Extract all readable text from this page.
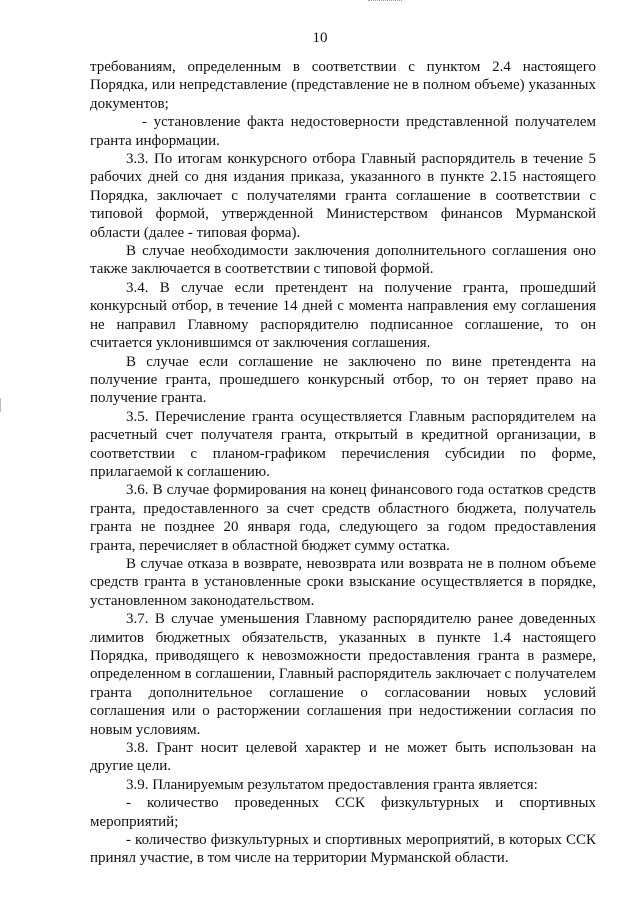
10

требованиям, определенным в соответствии с пунктом 2.4 настоящего Порядка, или непредставление (представление не в полном объеме) указанных документов;

- установление факта недостоверности представленной получателем гранта информации.

3.3. По итогам конкурсного отбора Главный распорядитель в течение 5 рабочих дней со дня издания приказа, указанного в пункте 2.15 настоящего Порядка, заключает с получателями гранта соглашение в соответствии с типовой формой, утвержденной Министерством финансов Мурманской области (далее - типовая форма).

В случае необходимости заключения дополнительного соглашения оно также заключается в соответствии с типовой формой.

3.4. В случае если претендент на получение гранта, прошедший конкурсный отбор, в течение 14 дней с момента направления ему соглашения не направил Главному распорядителю подписанное соглашение, то он считается уклонившимся от заключения соглашения.

В случае если соглашение не заключено по вине претендента на получение гранта, прошедшего конкурсный отбор, то он теряет право на получение гранта.

3.5. Перечисление гранта осуществляется Главным распорядителем на расчетный счет получателя гранта, открытый в кредитной организации, в соответствии с планом-графиком перечисления субсидии по форме, прилагаемой к соглашению.

3.6. В случае формирования на конец финансового года остатков средств гранта, предоставленного за счет средств областного бюджета, получатель гранта не позднее 20 января года, следующего за годом предоставления гранта, перечисляет в областной бюджет сумму остатка.

В случае отказа в возврате, невозврата или возврата не в полном объеме средств гранта в установленные сроки взыскание осуществляется в порядке, установленном законодательством.

3.7. В случае уменьшения Главному распорядителю ранее доведенных лимитов бюджетных обязательств, указанных в пункте 1.4 настоящего Порядка, приводящего к невозможности предоставления гранта в размере, определенном в соглашении, Главный распорядитель заключает с получателем гранта дополнительное соглашение о согласовании новых условий соглашения или о расторжении соглашения при недостижении согласия по новым условиям.

3.8. Грант носит целевой характер и не может быть использован на другие цели.

3.9. Планируемым результатом предоставления гранта является:

- количество проведенных ССК физкультурных и спортивных мероприятий;

- количество физкультурных и спортивных мероприятий, в которых ССК принял участие, в том числе на территории Мурманской области.
